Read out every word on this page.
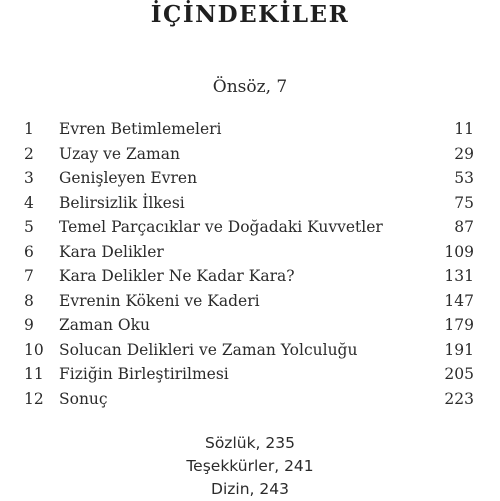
İÇİNDEKİLER
Önsöz, 7
1	Evren Betimlemeleri	11
2	Uzay ve Zaman	29
3	Genişleyen Evren	53
4	Belirsizlik İlkesi	75
5	Temel Parçacıklar ve Doğadaki Kuvvetler	87
6	Kara Delikler	109
7	Kara Delikler Ne Kadar Kara?	131
8	Evrenin Kökeni ve Kaderi	147
9	Zaman Oku	179
10 Solucan Delikleri ve Zaman Yolculuğu	191
11 Fiziğin Birleştirilmesi	205
12 Sonuç	223
Sözlük, 235
Teşekkürler, 241
Dizin, 243
